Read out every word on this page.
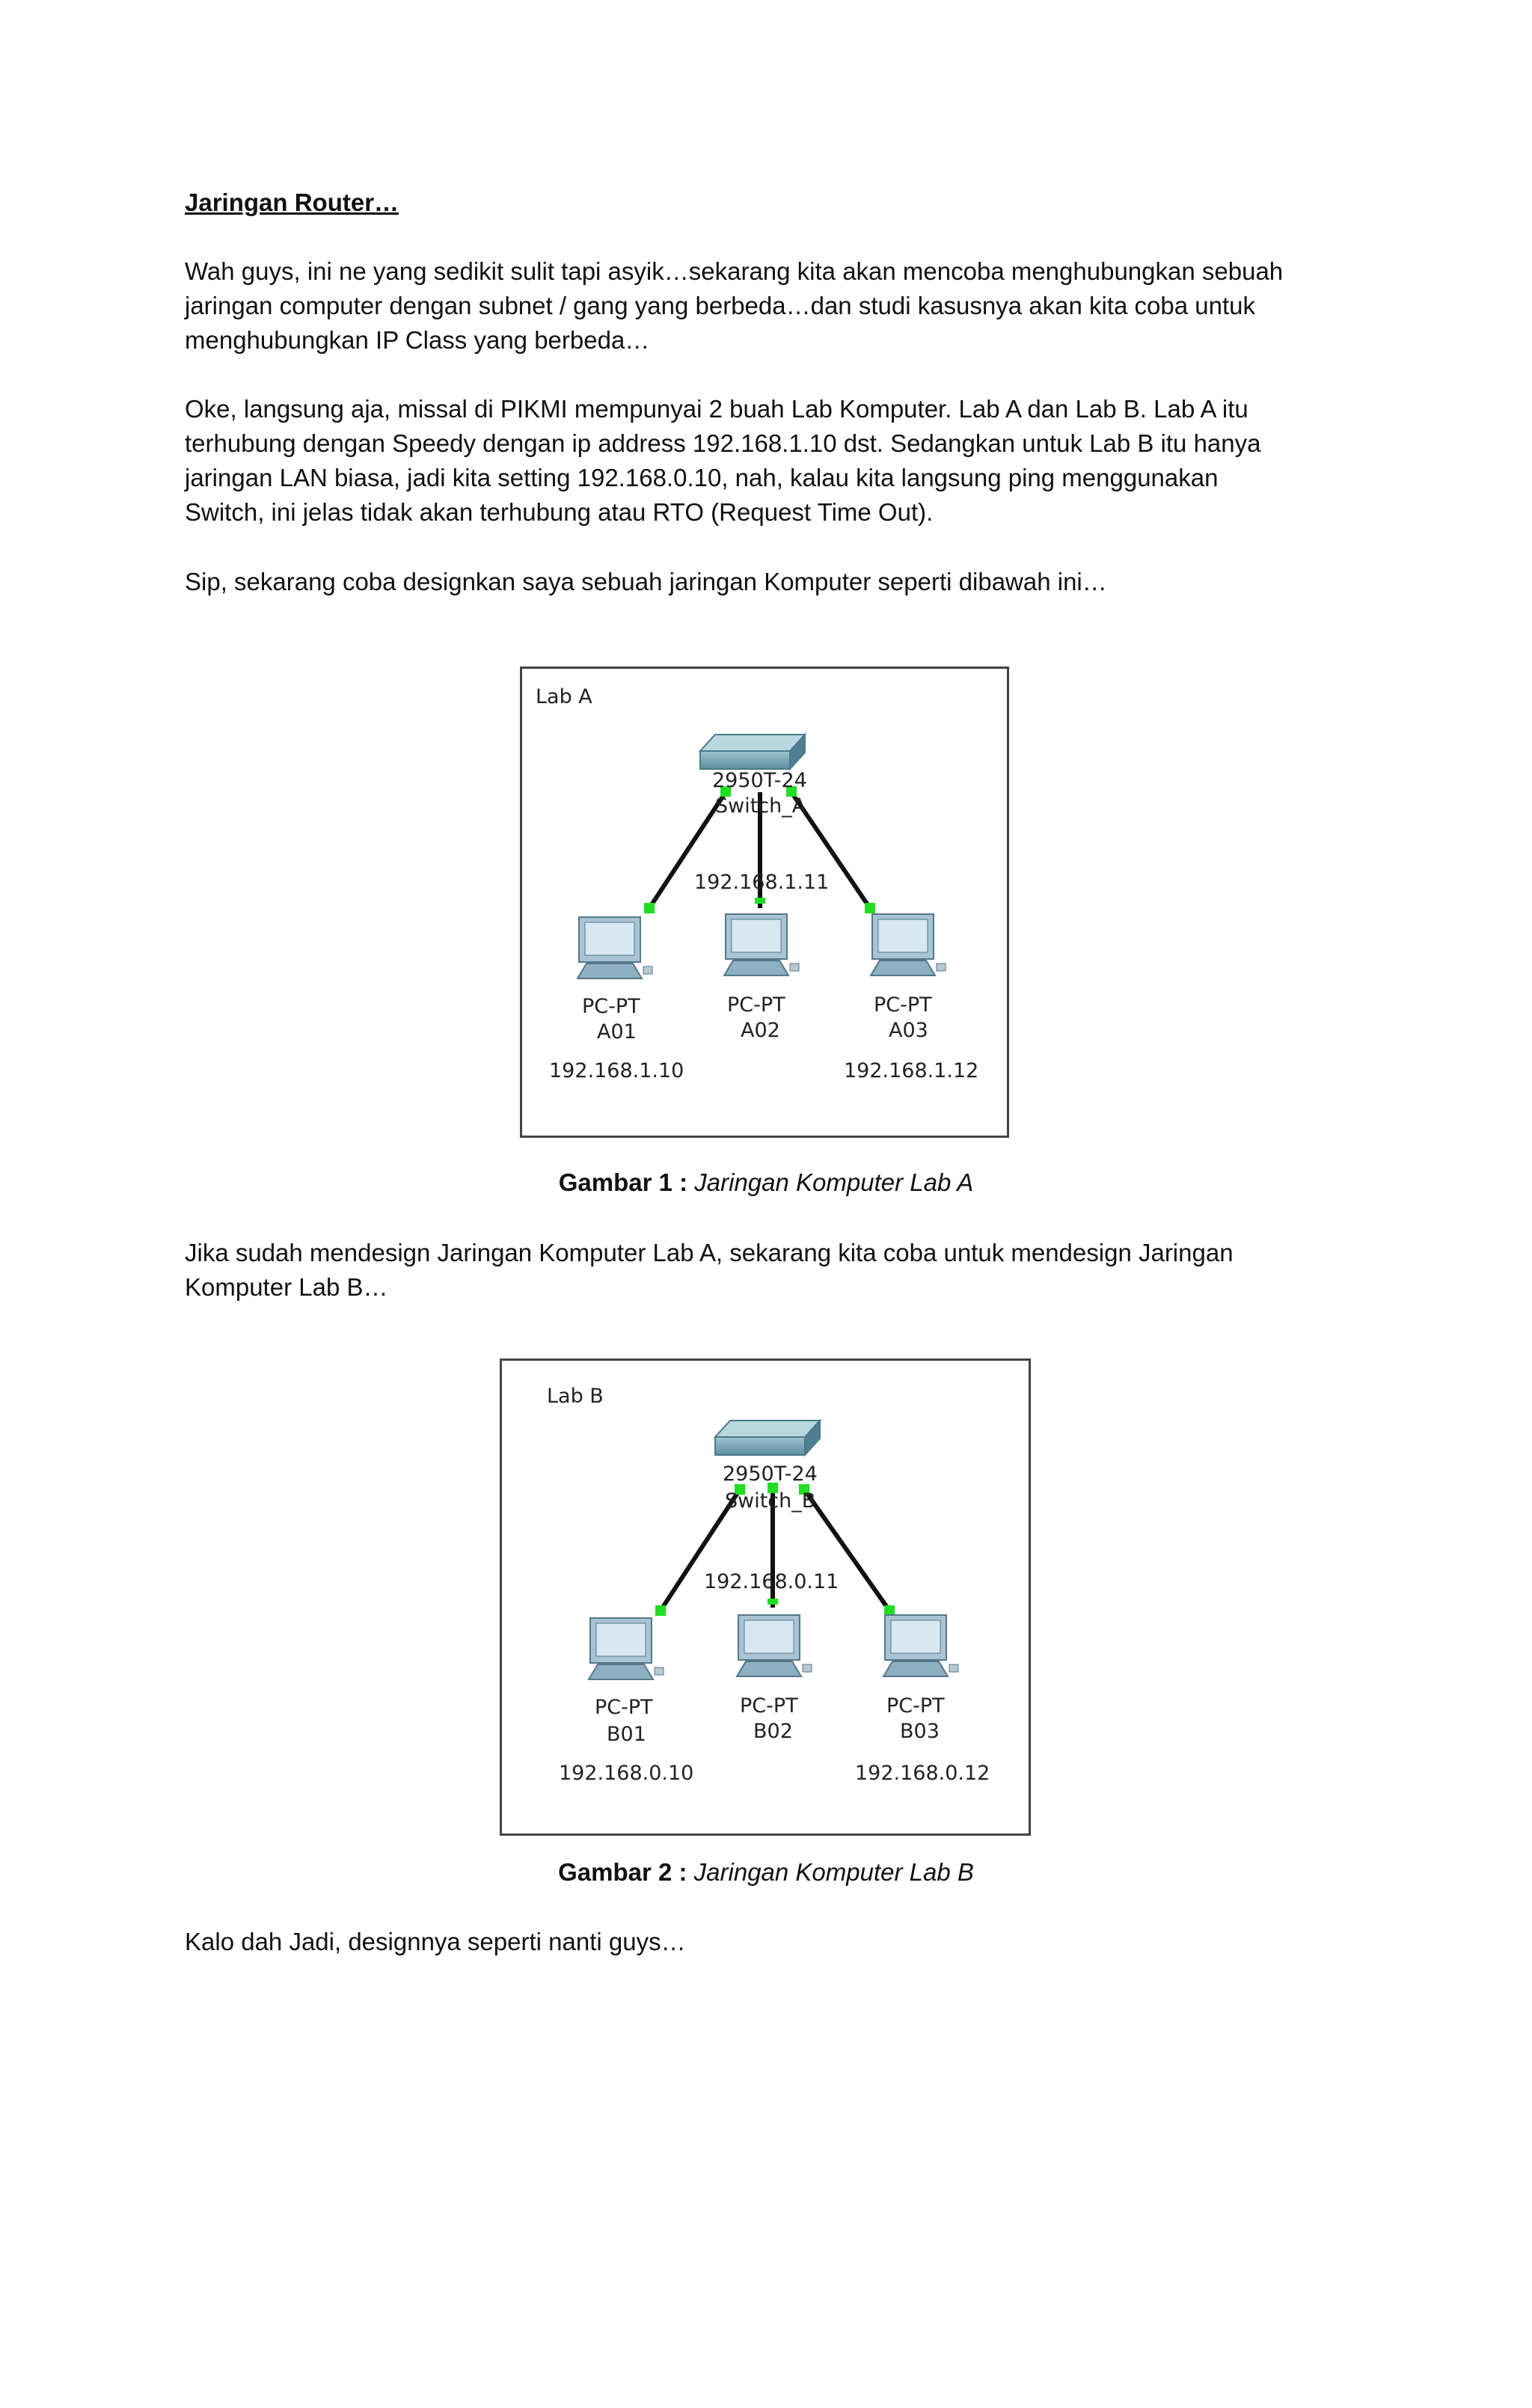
Jaringan Router…

Wah guys, ini ne yang sedikit sulit tapi asyik…sekarang kita akan mencoba menghubungkan sebuah
jaringan computer dengan subnet / gang yang berbeda…dan studi kasusnya akan kita coba untuk
menghubungkan IP Class yang berbeda…
Oke, langsung aja, missal di PIKMI mempunyai 2 buah Lab Komputer. Lab A dan Lab B. Lab A itu
terhubung dengan Speedy dengan ip address 192.168.1.10 dst. Sedangkan untuk Lab B itu hanya
jaringan LAN biasa, jadi kita setting 192.168.0.10, nah, kalau kita langsung ping menggunakan
Switch, ini jelas tidak akan terhubung atau RTO (Request Time Out).

Sip, sekarang coba designkan saya sebuah jaringan Komputer seperti dibawah ini…

Lab A
2950T-24
Switch_A
192.168.1.11
PC-PT
A01
192.168.1.10
PC-PT
A02
PC-PT
A03
192.168.1.12
Gambar 1 : Jaringan Komputer Lab A
Jika sudah mendesign Jaringan Komputer Lab A, sekarang kita coba untuk mendesign Jaringan
Komputer Lab B…
Lab B
2950T-24
Switch_B
192.168.0.11
PC-PT
B01
192.168.0.10
PC-PT
B02
PC-PT
B03
192.168.0.12
Gambar 2 : Jaringan Komputer Lab B

Kalo dah Jadi, designnya seperti nanti guys…
